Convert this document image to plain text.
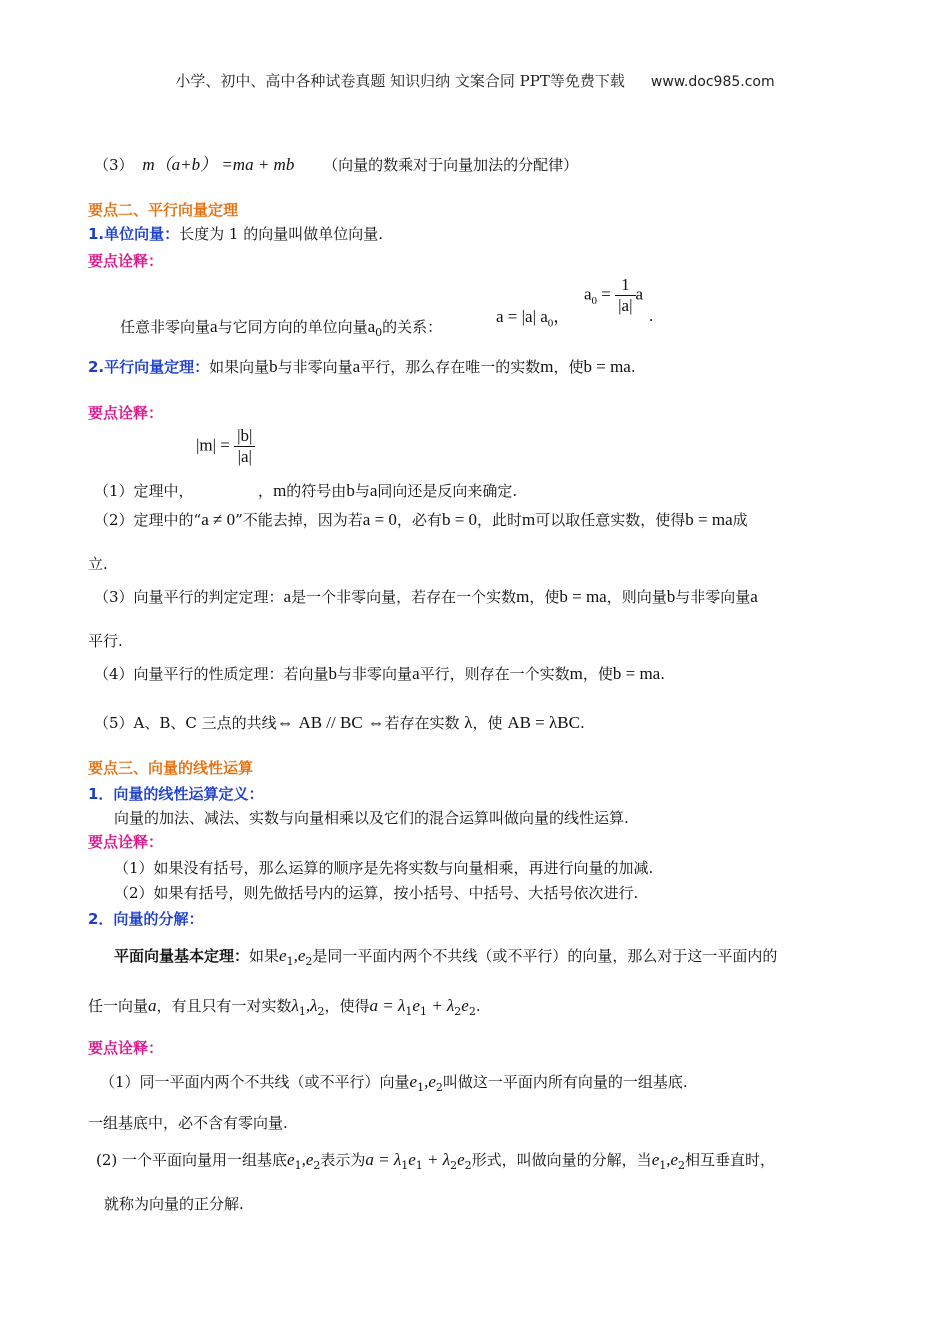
小学、初中、高中各种试卷真题 知识归纳 文案合同 PPT等免费下载 www.doc985.com
（3） m（a+b） =ma + mb （向量的数乘对于向量加法的分配律）
要点二、平行向量定理
1.单位向量：长度为 1 的向量叫做单位向量.
要点诠释：
任意非零向量a与它同方向的单位向量$a_0$的关系：
a = |a| $a_0$，
$a_0 = \frac{1}{|a|} a$.
2.平行向量定理：如果向量b与非零向量a平行，那么存在唯一的实数m，使b = ma.
要点诠释：
$|m| = \frac{|b|}{|a|}$
（1）定理中，	，m的符号由b与a同向还是反向来确定.
（2）定理中的“a ≠ 0”不能去掉，因为若a = 0，必有b = 0，此时m可以取任意实数，使得b = ma成
立.
（3）向量平行的判定定理：a是一个非零向量，若存在一个实数m，使b = ma，则向量b与非零向量a
平行.
（4）向量平行的性质定理：若向量b与非零向量a平行，则存在一个实数m，使b = ma.
（5）A、B、C 三点的共线⇔ AB // BC ⇔若存在实数 λ，使 AB = λBC.
要点三、向量的线性运算
1．向量的线性运算定义：
向量的加法、减法、实数与向量相乘以及它们的混合运算叫做向量的线性运算.
要点诠释：
（1）如果没有括号，那么运算的顺序是先将实数与向量相乘，再进行向量的加减.
（2）如果有括号，则先做括号内的运算，按小括号、中括号、大括号依次进行.
2．向量的分解：
平面向量基本定理：如果$e_1,e_2$是同一平面内两个不共线（或不平行）的向量，那么对于这一平面内的
任一向量a，有且只有一对实数$\lambda_1,\lambda_2$，使得$a = \lambda_1e_1 + \lambda_2e_2$.
要点诠释：
（1）同一平面内两个不共线（或不平行）向量$e_1,e_2$叫做这一平面内所有向量的一组基底.
一组基底中，必不含有零向量.
(2) 一个平面向量用一组基底$e_1,e_2$表示为$a = \lambda_1e_1 + \lambda_2e_2$形式，叫做向量的分解，当$e_1,e_2$相互垂直时，
就称为向量的正分解.
